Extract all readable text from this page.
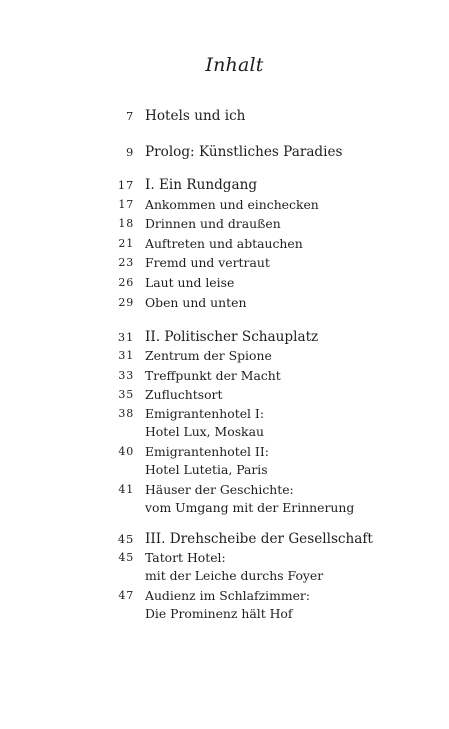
Inhalt
7 Hotels und ich
9 Prolog: Künstliches Paradies
17 I. Ein Rundgang
17 Ankommen und einchecken
18 Drinnen und draußen
21 Auftreten und abtauchen
23 Fremd und vertraut
26 Laut und leise
29 Oben und unten
31 II. Politischer Schauplatz
31 Zentrum der Spione
33 Treffpunkt der Macht
35 Zufluchtsort
38 Emigrantenhotel I:
Hotel Lux, Moskau
40 Emigrantenhotel II:
Hotel Lutetia, Paris
41 Häuser der Geschichte:
vom Umgang mit der Erinnerung
45 III. Drehscheibe der Gesellschaft
45 Tatort Hotel:
mit der Leiche durchs Foyer
47 Audienz im Schlafzimmer:
Die Prominenz hält Hof
